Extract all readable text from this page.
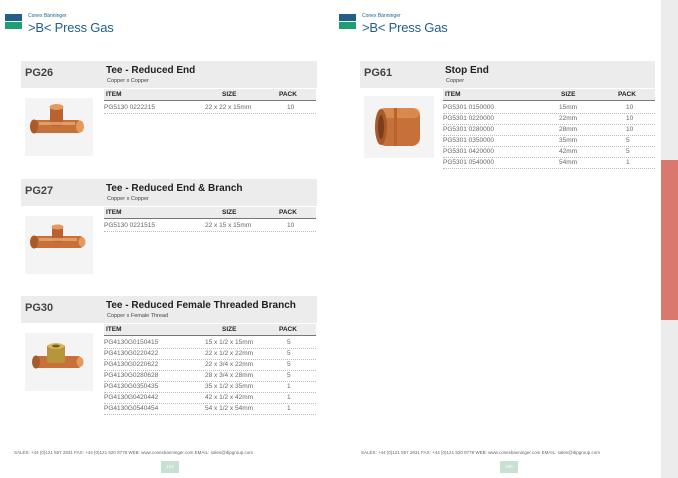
Conex Bänninger
>B< Press Gas
PG26	Tee - Reduced End
Copper x Copper
ITEM	SIZE	PACK
PG5130 0222215	22 x 22 x 15mm	10
PG27	Tee - Reduced End & Branch
Copper x Copper
ITEM	SIZE	PACK
PG5130 0221515	22 x 15 x 15mm	10
PG30	Tee - Reduced Female Threaded Branch
Copper x Female Thread
ITEM	SIZE	PACK
PG4130G0150415	15 x 1/2 x 15mm	5
PG4130G0220422	22 x 1/2 x 22mm	5
PG4130G0220622	22 x 3/4 x 22mm	5
PG4130G0280628	28 x 3/4 x 28mm	5
PG4130G0350435	35 x 1/2 x 35mm	1
PG4130G0420442	42 x 1/2 x 42mm	1
PG4130G0540454	54 x 1/2 x 54mm	1
SALES: +44 (0)121 557 2831 FAX: +44 (0)121 520 8778 WEB: www.conexbanninger.com EMAIL: sales@ibpgroup.com
104
Conex Bänninger
>B< Press Gas
PG61	Stop End
Copper
ITEM	SIZE	PACK
PG5301 0150000	15mm	10
PG5301 0220000	22mm	10
PG5301 0280000	28mm	10
PG5301 0350000	35mm	5
PG5301 0420000	42mm	5
PG5301 0540000	54mm	1
SALES: +44 (0)121 557 2831 FAX: +44 (0)121 520 8778 WEB: www.conexbanninger.com EMAIL: sales@ibpgroup.com
105
